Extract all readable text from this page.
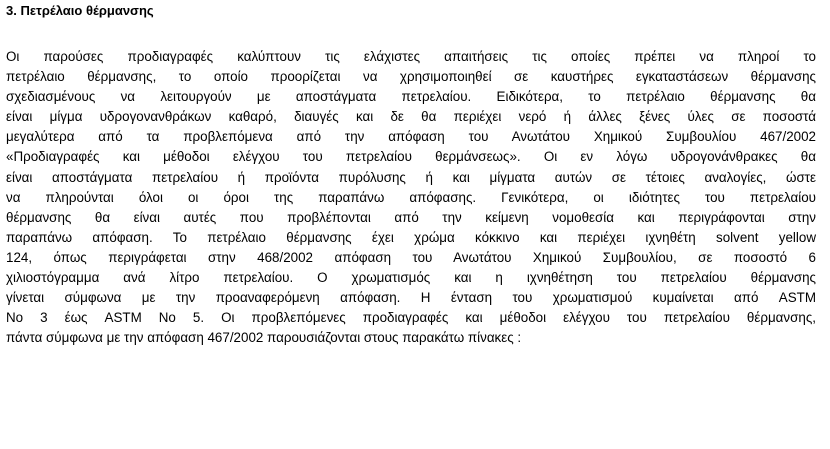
3. Πετρέλαιο θέρμανσης

Οι παρούσες προδιαγραφές καλύπτουν τις ελάχιστες απαιτήσεις τις οποίες πρέπει να πληροί το
πετρέλαιο θέρμανσης, το οποίο προορίζεται να χρησιμοποιηθεί σε καυστήρες εγκαταστάσεων θέρμανσης
σχεδιασμένους να λειτουργούν με αποστάγματα πετρελαίου. Ειδικότερα, το πετρέλαιο θέρμανσης θα
είναι μίγμα υδρογονανθράκων καθαρό, διαυγές και δε θα περιέχει νερό ή άλλες ξένες ύλες σε ποσοστά
μεγαλύτερα από τα προβλεπόμενα από την απόφαση του Ανωτάτου Χημικού Συμβουλίου 467/2002
«Προδιαγραφές και μέθοδοι ελέγχου του πετρελαίου θερμάνσεως». Οι εν λόγω υδρογονάνθρακες θα
είναι αποστάγματα πετρελαίου ή προϊόντα πυρόλυσης ή και μίγματα αυτών σε τέτοιες αναλογίες, ώστε
να πληρούνται όλοι οι όροι της παραπάνω απόφασης. Γενικότερα, οι ιδιότητες του πετρελαίου
θέρμανσης θα είναι αυτές που προβλέπονται από την κείμενη νομοθεσία και περιγράφονται στην
παραπάνω απόφαση. Το πετρέλαιο θέρμανσης έχει χρώμα κόκκινο και περιέχει ιχνηθέτη solvent yellow
124, όπως περιγράφεται στην 468/2002 απόφαση του Ανωτάτου Χημικού Συμβουλίου, σε ποσοστό 6
χιλιοστόγραμμα ανά λίτρο πετρελαίου. Ο χρωματισμός και η ιχνηθέτηση του πετρελαίου θέρμανσης
γίνεται σύμφωνα με την προαναφερόμενη απόφαση. Η ένταση του χρωματισμού κυμαίνεται από ASTM
No 3 έως ASTM No 5. Οι προβλεπόμενες προδιαγραφές και μέθοδοι ελέγχου του πετρελαίου θέρμανσης,
πάντα σύμφωνα με την απόφαση 467/2002 παρουσιάζονται στους παρακάτω πίνακες :
